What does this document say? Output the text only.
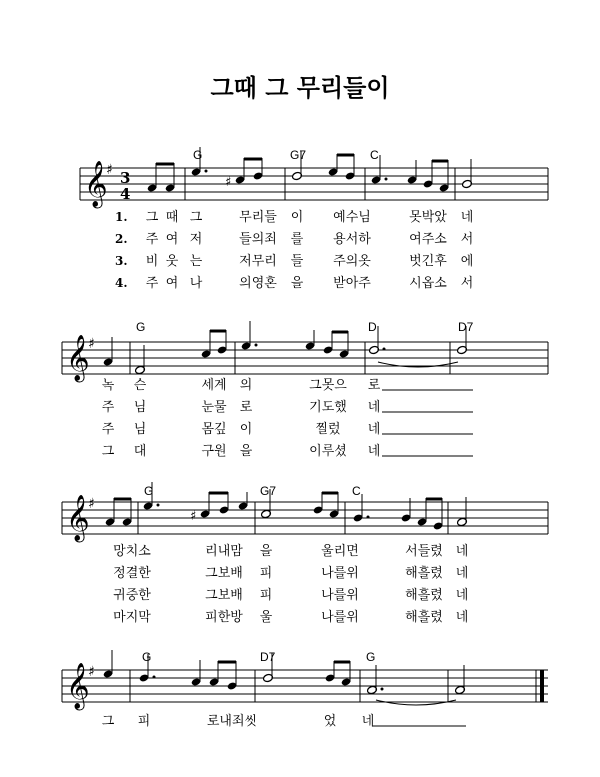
그때 그 무리들이
𝄞
♯ 3
4
G	G7	C
♯
1.
2.
3.
4.
𝄞
♯
G	D	D7
𝄞
♯
G	G7	C
♯
𝄞
♯
G	D7	G
그 때 그	무리들 이 예수님	못박았 네
주 여 저	들의죄 를 용서하	여주소 서
비 웃 는	저무리 들 주의옷	벗긴후 에
주 여 나	의영혼 을 받아주	시옵소 서
녹 슨	세계 의	그못으 로
주 님	눈물 로	기도했 네
주 님	몸깊 이	찔렀 네
그 대	구원 을	이루셨 네
망치소	리내맘 을	울리면	서들렸 네
정결한	그보배 피	나를위	해흘렸 네
귀중한	그보배 피	나를위	해흘렸 네
마지막	피한방 울	나를위	해흘렸 네
그 피	로내죄씻	었 네
